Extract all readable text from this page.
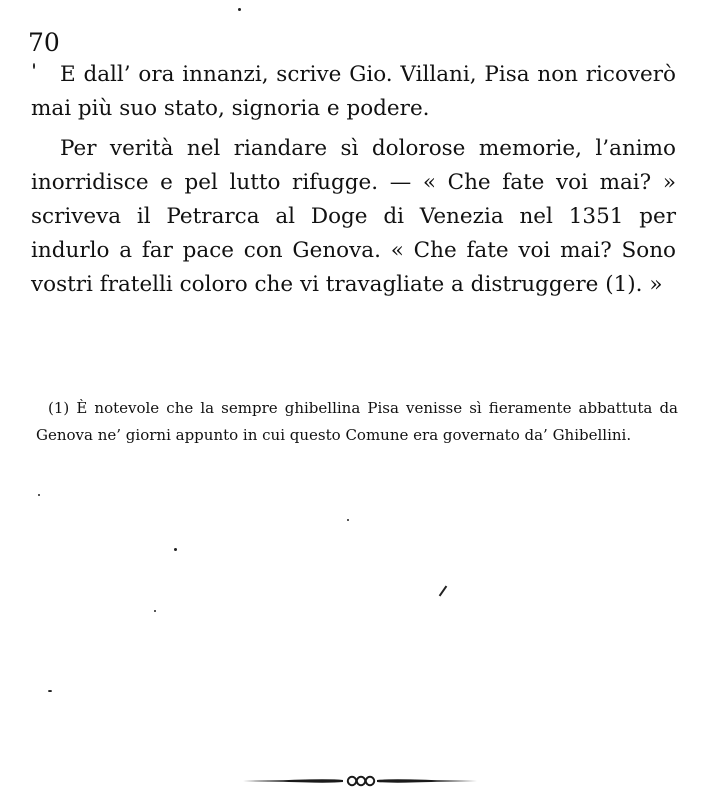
70

E dall’ ora innanzi, scrive Gio. Villani, Pisa non ricoverò mai più suo stato, signoria e podere.

Per verità nel riandare sì dolorose memorie, l’animo inorridisce e pel lutto rifugge. — « Che fate voi mai? » scriveva il Petrarca al Doge di Venezia nel 1351 per indurlo a far pace con Genova. « Che fate voi mai? Sono vostri fratelli coloro che vi travagliate a distruggere (1). »

(1) È notevole che la sempre ghibellina Pisa venisse sì fieramente abbattuta da Genova ne’ giorni appunto in cui questo Comune era governato da’ Ghibellini.
